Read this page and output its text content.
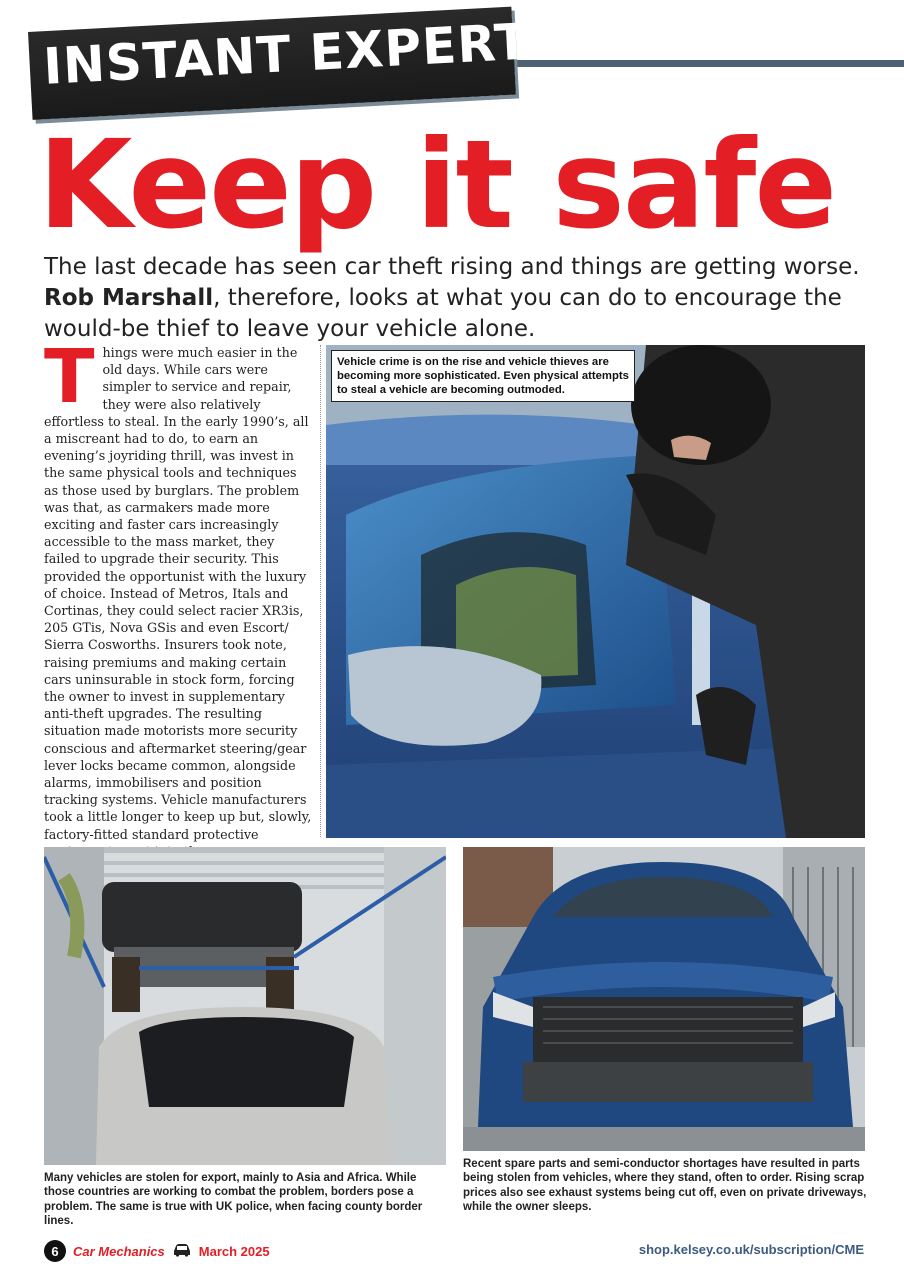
INSTANT EXPERT
Keep it safe
The last decade has seen car theft rising and things are getting worse.
Rob Marshall, therefore, looks at what you can do to encourage the would-be thief to leave your vehicle alone.
Things were much easier in the old days. While cars were simpler to service and repair, they were also relatively effortless to steal. In the early 1990’s, all a miscreant had to do, to earn an evening’s joyriding thrill, was invest in the same physical tools and techniques as those used by burglars. The problem was that, as carmakers made more exciting and faster cars increasingly accessible to the mass market, they failed to upgrade their security. This provided the opportunist with the luxury of choice. Instead of Metros, Itals and Cortinas, they could select racier XR3is, 205 GTis, Nova GSis and even Escort/ Sierra Cosworths. Insurers took note, raising premiums and making certain cars uninsurable in stock form, forcing the owner to invest in supplementary anti-theft upgrades. The resulting situation made motorists more security conscious and aftermarket steering/gear lever locks became common, alongside alarms, immobilisers and position tracking systems. Vehicle manufacturers took a little longer to keep up but, slowly, factory-fitted standard protective
Vehicle crime is on the rise and vehicle thieves are becoming more sophisticated. Even physical attempts to steal a vehicle are becoming outmoded.
Many vehicles are stolen for export, mainly to Asia and Africa. While those countries are working to combat the problem, borders pose a problem. The same is true with UK police, when facing county border lines.
Recent spare parts and semi-conductor shortages have resulted in parts being stolen from vehicles, where they stand, often to order. Rising scrap prices also see exhaust systems being cut off, even on private driveways, while the owner sleeps.
6	Car Mechanics	March 2025	shop.kelsey.co.uk/subscription/CME
